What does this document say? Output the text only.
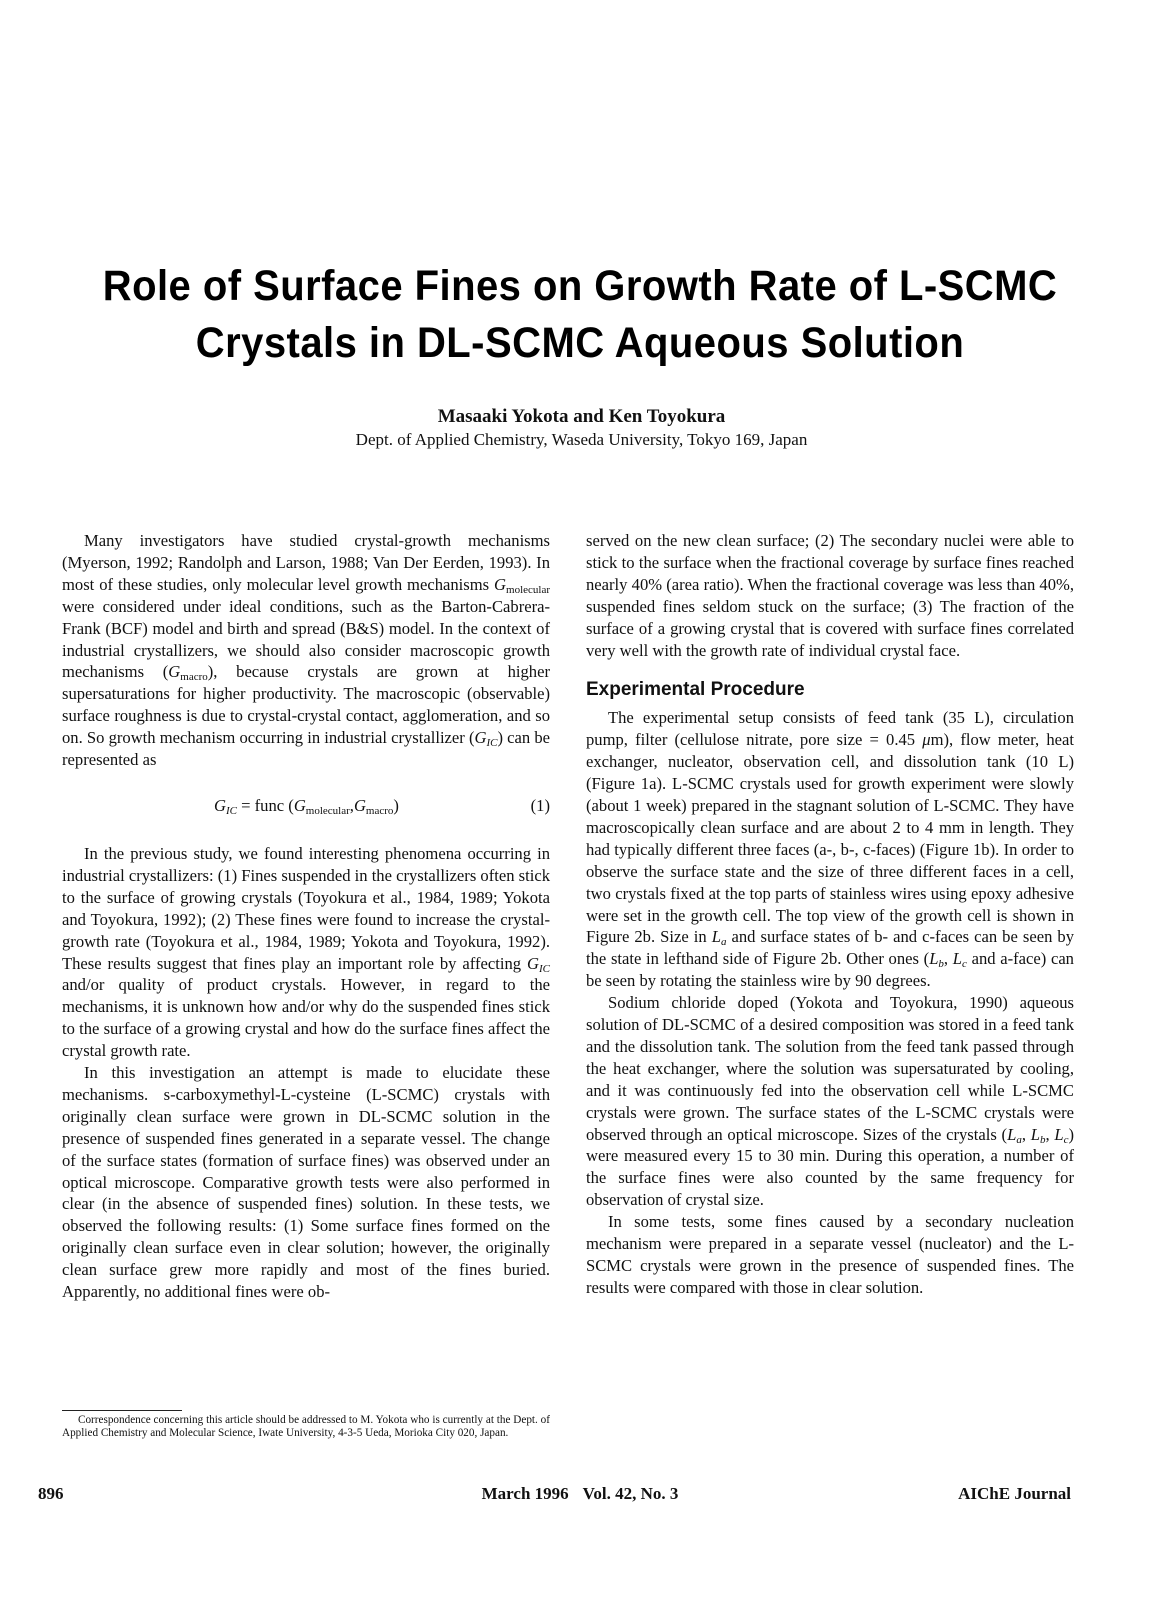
Role of Surface Fines on Growth Rate of L-SCMC
Crystals in DL-SCMC Aqueous Solution
Masaaki Yokota and Ken Toyokura
Dept. of Applied Chemistry, Waseda University, Tokyo 169, Japan

Many investigators have studied crystal-growth mechanisms (Myerson, 1992; Randolph and Larson, 1988; Van Der Eerden, 1993). In most of these studies, only molecular level growth mechanisms $G_{molecular}$ were considered under ideal conditions, such as the Barton-Cabrera-Frank (BCF) model and birth and spread (B&S) model. In the context of industrial crystallizers, we should also consider macroscopic growth mechanisms $(G_{macro})$, because crystals are grown at higher supersaturations for higher productivity. The macroscopic (observable) surface roughness is due to crystal-crystal contact, agglomeration, and so on. So growth mechanism occurring in industrial crystallizer $(G_{IC})$ can be represented as

$G_{IC}$ = func $(G_{molecular},G_{macro})$	(1)

In the previous study, we found interesting phenomena occurring in industrial crystallizers: (1) Fines suspended in the crystallizers often stick to the surface of growing crystals (Toyokura et al., 1984, 1989; Yokota and Toyokura, 1992); (2) These fines were found to increase the crystal-growth rate (Toyokura et al., 1984, 1989; Yokota and Toyokura, 1992). These results suggest that fines play an important role by affecting $G_{IC}$ and/or quality of product crystals. However, in regard to the mechanisms, it is unknown how and/or why do the suspended fines stick to the surface of a growing crystal and how do the surface fines affect the crystal growth rate.

In this investigation an attempt is made to elucidate these mechanisms. s-carboxymethyl-L-cysteine (L-SCMC) crystals with originally clean surface were grown in DL-SCMC solution in the presence of suspended fines generated in a separate vessel. The change of the surface states (formation of surface fines) was observed under an optical microscope. Comparative growth tests were also performed in clear (in the absence of suspended fines) solution. In these tests, we observed the following results: (1) Some surface fines formed on the originally clean surface even in clear solution; however, the originally clean surface grew more rapidly and most of the fines buried. Apparently, no additional fines were ob-

Correspondence concerning this article should be addressed to M. Yokota who is currently at the Dept. of Applied Chemistry and Molecular Science, Iwate University, 4-3-5 Ueda, Morioka City 020, Japan.

served on the new clean surface; (2) The secondary nuclei were able to stick to the surface when the fractional coverage by surface fines reached nearly 40% (area ratio). When the fractional coverage was less than 40%, suspended fines seldom stuck on the surface; (3) The fraction of the surface of a growing crystal that is covered with surface fines correlated very well with the growth rate of individual crystal face.

Experimental Procedure

The experimental setup consists of feed tank (35 L), circulation pump, filter (cellulose nitrate, pore size = 0.45 μm), flow meter, heat exchanger, nucleator, observation cell, and dissolution tank (10 L) (Figure 1a). L-SCMC crystals used for growth experiment were slowly (about 1 week) prepared in the stagnant solution of L-SCMC. They have macroscopically clean surface and are about 2 to 4 mm in length. They had typically different three faces (a-, b-, c-faces) (Figure 1b). In order to observe the surface state and the size of three different faces in a cell, two crystals fixed at the top parts of stainless wires using epoxy adhesive were set in the growth cell. The top view of the growth cell is shown in Figure 2b. Size in $L_a$ and surface states of b- and c-faces can be seen by the state in lefthand side of Figure 2b. Other ones ($L_b$, $L_c$ and a-face) can be seen by rotating the stainless wire by 90 degrees.

Sodium chloride doped (Yokota and Toyokura, 1990) aqueous solution of DL-SCMC of a desired composition was stored in a feed tank and the dissolution tank. The solution from the feed tank passed through the heat exchanger, where the solution was supersaturated by cooling, and it was continuously fed into the observation cell while L-SCMC crystals were grown. The surface states of the L-SCMC crystals were observed through an optical microscope. Sizes of the crystals ($L_a$, $L_b$, $L_c$) were measured every 15 to 30 min. During this operation, a number of the surface fines were also counted by the same frequency for observation of crystal size.

In some tests, some fines caused by a secondary nucleation mechanism were prepared in a separate vessel (nucleator) and the L-SCMC crystals were grown in the presence of suspended fines. The results were compared with those in clear solution.

896	March 1996 Vol. 42, No. 3	AIChE Journal
